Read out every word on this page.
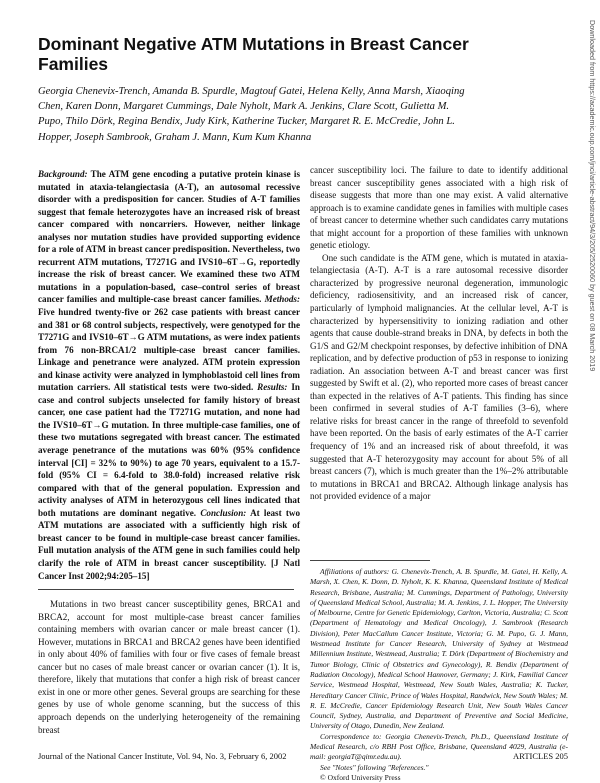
Dominant Negative ATM Mutations in Breast Cancer Families
Georgia Chenevix-Trench, Amanda B. Spurdle, Magtouf Gatei, Helena Kelly, Anna Marsh, Xiaoqing Chen, Karen Donn, Margaret Cummings, Dale Nyholt, Mark A. Jenkins, Clare Scott, Gulietta M. Pupo, Thilo Dörk, Regina Bendix, Judy Kirk, Katherine Tucker, Margaret R. E. McCredie, John L. Hopper, Joseph Sambrook, Graham J. Mann, Kum Kum Khanna
Background: The ATM gene encoding a putative protein kinase is mutated in ataxia-telangiectasia (A-T), an autosomal recessive disorder with a predisposition for cancer. Studies of A-T families suggest that female heterozygotes have an increased risk of breast cancer compared with noncarriers. However, neither linkage analyses nor mutation studies have provided supporting evidence for a role of ATM in breast cancer predisposition. Nevertheless, two recurrent ATM mutations, T7271G and IVS10–6T→G, reportedly increase the risk of breast cancer. We examined these two ATM mutations in a population-based, case–control series of breast cancer families and multiple-case breast cancer families. Methods: Five hundred twenty-five or 262 case patients with breast cancer and 381 or 68 control subjects, respectively, were genotyped for the T7271G and IVS10–6T→G ATM mutations, as were index patients from 76 non-BRCA1/2 multiple-case breast cancer families. Linkage and penetrance were analyzed. ATM protein expression and kinase activity were analyzed in lymphoblastoid cell lines from mutation carriers. All statistical tests were two-sided. Results: In case and control subjects unselected for family history of breast cancer, one case patient had the T7271G mutation, and none had the IVS10–6T→G mutation. In three multiple-case families, one of these two mutations segregated with breast cancer. The estimated average penetrance of the mutations was 60% (95% confidence interval [CI] = 32% to 90%) to age 70 years, equivalent to a 15.7-fold (95% CI = 6.4-fold to 38.0-fold) increased relative risk compared with that of the general population. Expression and activity analyses of ATM in heterozygous cell lines indicated that both mutations are dominant negative. Conclusion: At least two ATM mutations are associated with a sufficiently high risk of breast cancer to be found in multiple-case breast cancer families. Full mutation analysis of the ATM gene in such families could help clarify the role of ATM in breast cancer susceptibility. [J Natl Cancer Inst 2002;94:205–15]

Mutations in two breast cancer susceptibility genes, BRCA1 and BRCA2, account for most multiple-case breast cancer families containing members with ovarian cancer or male breast cancer (1). However, mutations in BRCA1 and BRCA2 genes have been identified in only about 40% of families with four or five cases of female breast cancer but no cases of male breast cancer or ovarian cancer (1). It is, therefore, likely that mutations that confer a high risk of breast cancer exist in one or more other genes. Several groups are searching for these genes by use of whole genome scanning, but the success of this approach depends on the underlying heterogeneity of the remaining breast

cancer susceptibility loci. The failure to date to identify additional breast cancer susceptibility genes associated with a high risk of disease suggests that more than one may exist. A valid alternative approach is to examine candidate genes in families with multiple cases of breast cancer to determine whether such candidates carry mutations that might account for a proportion of these families with unknown genetic etiology.

One such candidate is the ATM gene, which is mutated in ataxia-telangiectasia (A-T). A-T is a rare autosomal recessive disorder characterized by progressive neuronal degeneration, immunologic deficiency, radiosensitivity, and an increased risk of cancer, particularly of lymphoid malignancies. At the cellular level, A-T is characterized by hypersensitivity to ionizing radiation and other agents that cause double-strand breaks in DNA, by defects in both the G1/S and G2/M checkpoint responses, by defective inhibition of DNA replication, and by defective production of p53 in response to ionizing radiation. An association between A-T and breast cancer was first suggested by Swift et al. (2), who reported more cases of breast cancer than expected in the relatives of A-T patients. This finding has since been confirmed in several studies of A-T families (3–6), where relative risks for breast cancer in the range of threefold to sevenfold have been reported. On the basis of early estimates of the A-T carrier frequency of 1% and an increased risk of about threefold, it was suggested that A-T heterozygosity may account for about 5% of all breast cancers (7), which is much greater than the 1%–2% attributable to mutations in BRCA1 and BRCA2. Although linkage analysis has not provided evidence of a major

Affiliations of authors: G. Chenevix-Trench, A. B. Spurdle, M. Gatei, H. Kelly, A. Marsh, X. Chen, K. Donn, D. Nyholt, K. K. Khanna, Queensland Institute of Medical Research, Brisbane, Australia; M. Cummings, Department of Pathology, University of Queensland Medical School, Australia; M. A. Jenkins, J. L. Hopper, The University of Melbourne, Centre for Genetic Epidemiology, Carlton, Victoria, Australia; C. Scott (Department of Hematology and Medical Oncology), J. Sambrook (Research Division), Peter MacCallum Cancer Institute, Victoria; G. M. Pupo, G. J. Mann, Westmead Institute for Cancer Research, University of Sydney at Westmead Millennium Institute, Westmead, Australia; T. Dörk (Department of Biochemistry and Tumor Biology, Clinic of Obstetrics and Gynecology), R. Bendix (Department of Radiation Oncology), Medical School Hannover, Germany; J. Kirk, Familial Cancer Service, Westmead Hospital, Westmead, New South Wales, Australia; K. Tucker, Hereditary Cancer Clinic, Prince of Wales Hospital, Randwick, New South Wales; M. R. E. McCredie, Cancer Epidemiology Research Unit, New South Wales Cancer Council, Sydney, Australia, and Department of Preventive and Social Medicine, University of Otago, Dunedin, New Zealand.

Correspondence to: Georgia Chenevix-Trench, Ph.D., Queensland Institute of Medical Research, c/o RBH Post Office, Brisbane, Queensland 4029, Australia (e-mail: georgiaT@qimr.edu.au).

See "Notes" following "References."

© Oxford University Press

Journal of the National Cancer Institute, Vol. 94, No. 3, February 6, 2002	ARTICLES 205
Downloaded from https://academic.oup.com/jnci/article-abstract/94/3/205/2520060 by guest on 08 March 2019
